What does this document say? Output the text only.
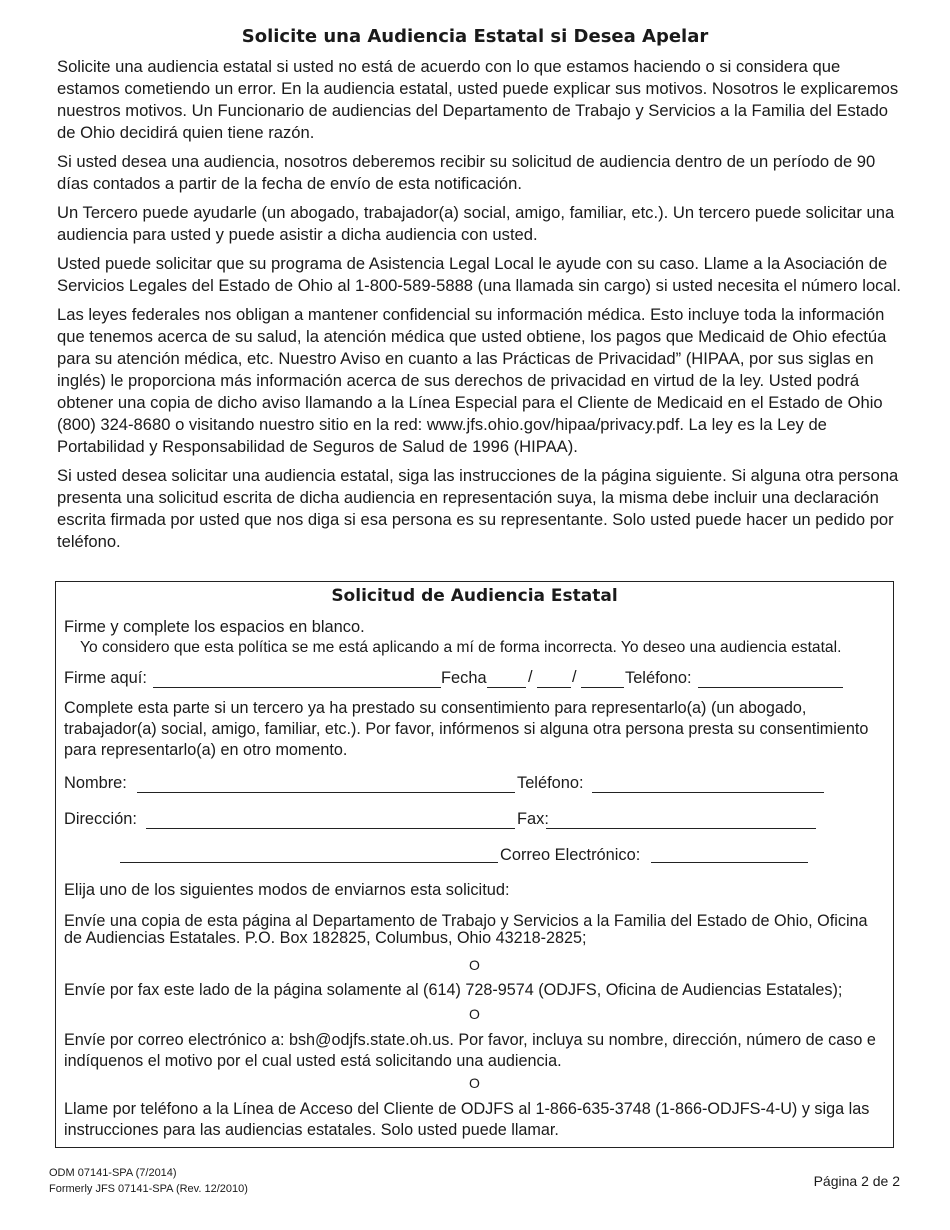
Solicite una Audiencia Estatal si Desea Apelar

Solicite una audiencia estatal si usted no está de acuerdo con lo que estamos haciendo o si considera que estamos cometiendo un error. En la audiencia estatal, usted puede explicar sus motivos. Nosotros le explicaremos nuestros motivos. Un Funcionario de audiencias del Departamento de Trabajo y Servicios a la Familia del Estado de Ohio decidirá quien tiene razón.

Si usted desea una audiencia, nosotros deberemos recibir su solicitud de audiencia dentro de un período de 90 días contados a partir de la fecha de envío de esta notificación.

Un Tercero puede ayudarle (un abogado, trabajador(a) social, amigo, familiar, etc.). Un tercero puede solicitar una audiencia para usted y puede asistir a dicha audiencia con usted.

Usted puede solicitar que su programa de Asistencia Legal Local le ayude con su caso. Llame a la Asociación de Servicios Legales del Estado de Ohio al 1-800-589-5888 (una llamada sin cargo) si usted necesita el número local.

Las leyes federales nos obligan a mantener confidencial su información médica. Esto incluye toda la información que tenemos acerca de su salud, la atención médica que usted obtiene, los pagos que Medicaid de Ohio efectúa para su atención médica, etc. Nuestro Aviso en cuanto a las Prácticas de Privacidad” (HIPAA, por sus siglas en inglés) le proporciona más información acerca de sus derechos de privacidad en virtud de la ley. Usted podrá obtener una copia de dicho aviso llamando a la Línea Especial para el Cliente de Medicaid en el Estado de Ohio (800) 324-8680 o visitando nuestro sitio en la red: www.jfs.ohio.gov/hipaa/privacy.pdf. La ley es la Ley de Portabilidad y Responsabilidad de Seguros de Salud de 1996 (HIPAA).

Si usted desea solicitar una audiencia estatal, siga las instrucciones de la página siguiente. Si alguna otra persona presenta una solicitud escrita de dicha audiencia en representación suya, la misma debe incluir una declaración escrita firmada por usted que nos diga si esa persona es su representante. Solo usted puede hacer un pedido por teléfono.

Solicitud de Audiencia Estatal
Firme y complete los espacios en blanco.
Yo considero que esta política se me está aplicando a mí de forma incorrecta. Yo deseo una audiencia estatal.
Firme aquí:	Fecha	/ /	Teléfono:
Complete esta parte si un tercero ya ha prestado su consentimiento para representarlo(a) (un abogado, trabajador(a) social, amigo, familiar, etc.). Por favor, infórmenos si alguna otra persona presta su consentimiento para representarlo(a) en otro momento.
Nombre:	Teléfono:
Dirección:	Fax:
Correo Electrónico:
Elija uno de los siguientes modos de enviarnos esta solicitud:
Envíe una copia de esta página al Departamento de Trabajo y Servicios a la Familia del Estado de Ohio, Oficina de Audiencias Estatales. P.O. Box 182825, Columbus, Ohio 43218-2825;
O
Envíe por fax este lado de la página solamente al (614) 728-9574 (ODJFS, Oficina de Audiencias Estatales);
O
Envíe por correo electrónico a: bsh@odjfs.state.oh.us. Por favor, incluya su nombre, dirección, número de caso e indíquenos el motivo por el cual usted está solicitando una audiencia.
O
Llame por teléfono a la Línea de Acceso del Cliente de ODJFS al 1-866-635-3748 (1-866-ODJFS-4-U) y siga las instrucciones para las audiencias estatales. Solo usted puede llamar.
ODM 07141-SPA (7/2014)
Formerly JFS 07141-SPA (Rev. 12/2010)	Página 2 de 2
